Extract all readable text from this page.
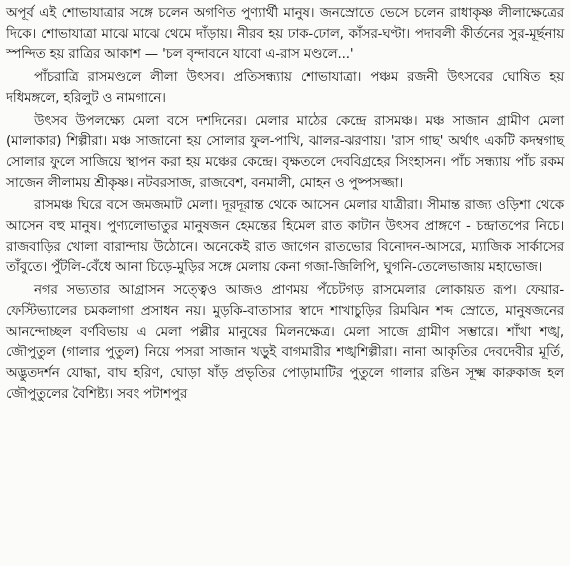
অপূর্ব এই শোভাযাত্রার সঙ্গে চলেন অগণিত পুণ্যার্থী মানুষ। জনস্রোতে ভেসে চলেন রাধাকৃষ্ণ লীলাক্ষেত্রের দিকে। শোভাযাত্রা মাঝে মাঝে থেমে দাঁড়ায়। নীরব হয় ঢাক-ঢোল, কাঁসর-ঘণ্টা। পদাবলী কীর্তনের সুর-মূর্ছনায় স্পন্দিত হয় রাত্রির আকাশ — 'চল বৃন্দাবনে যাবো এ-রাস মণ্ডলে...'

পাঁচরাত্রি রাসমণ্ডলে লীলা উৎসব। প্রতিসন্ধ্যায় শোভাযাত্রা। পঞ্চম রজনী উৎসবের ঘোষিত হয় দধিমঙ্গলে, হরিলুট ও নামগানে।

উৎসব উপলক্ষ্যে মেলা বসে দশদিনের। মেলার মাঠের কেন্দ্রে রাসমঞ্চ। মঞ্চ সাজান গ্রামীণ মেলা (মালাকার) শিল্পীরা। মঞ্চ সাজানো হয় সোলার ফুল-পাখি, ঝালর-ঝরণায়। 'রাস গাছ' অর্থাৎ একটি কদম্বগাছ সোলার ফুলে সাজিয়ে স্থাপন করা হয় মঞ্চের কেন্দ্রে। বৃক্ষতলে দেববিগ্রহের সিংহাসন। পাঁচ সন্ধ্যায় পাঁচ রকম সাজেন লীলাময় শ্রীকৃষ্ণ। নটবরসাজ, রাজবেশ, বনমালী, মোহন ও পুষ্পসজ্জা।

রাসমঞ্চ ঘিরে বসে জমজমাট মেলা। দূরদূরান্ত থেকে আসেন মেলার যাত্রীরা। সীমান্ত রাজ্য ওড়িশা থেকে আসেন বহু মানুষ। পুণ্যলোভাতুর মানুষজন হেমন্তের হিমেল রাত কাটান উৎসব প্রাঙ্গণে - চন্দ্রাতপের নিচে। রাজবাড়ির খোলা বারান্দায় উঠোনে। অনেকেই রাত জাগেন রাতভোর বিনোদন-আসরে, ম্যাজিক সার্কাসের তাঁবুতে। পুঁটলি-বেঁধে আনা চিড়ে-মুড়ির সঙ্গে মেলায় কেনা গজা-জিলিপি, ঘুগনি-তেলেভাজায় মহাভোজ।

নগর সভ্যতার আগ্রাসন সত্ত্বেও আজও প্রাণময় পঁচেটগড় রাসমেলার লোকায়ত রূপ। ফেয়ার-ফেস্টিভ্যালের চমকলাগা প্রসাধন নয়। মুড়কি-বাতাসার স্বাদে শাখাচুড়ির রিমঝিন শব্দ স্রোতে, মানুষজনের আনন্দোচ্ছল বর্ণবিভায় এ মেলা পল্লীর মানুষের মিলনক্ষেত্র। মেলা সাজে গ্রামীণ সম্ভারে। শাঁখা শঙ্খ, জৌপুতুল (গালার পুতুল) নিয়ে পসরা সাজান খড়ুই বাগমারীর শঙ্খশিল্পীরা। নানা আকৃতির দেবদেবীর মূর্তি, অদ্ভুতদর্শন যোদ্ধা, বাঘ হরিণ, ঘোড়া ষাঁড় প্রভৃতির পোড়ামাটির পুতুলে গালার রঙিন সূক্ষ্ম কারুকাজ হল জৌপুতুলের বৈশিষ্ট্য। সবং পটাশপুর
